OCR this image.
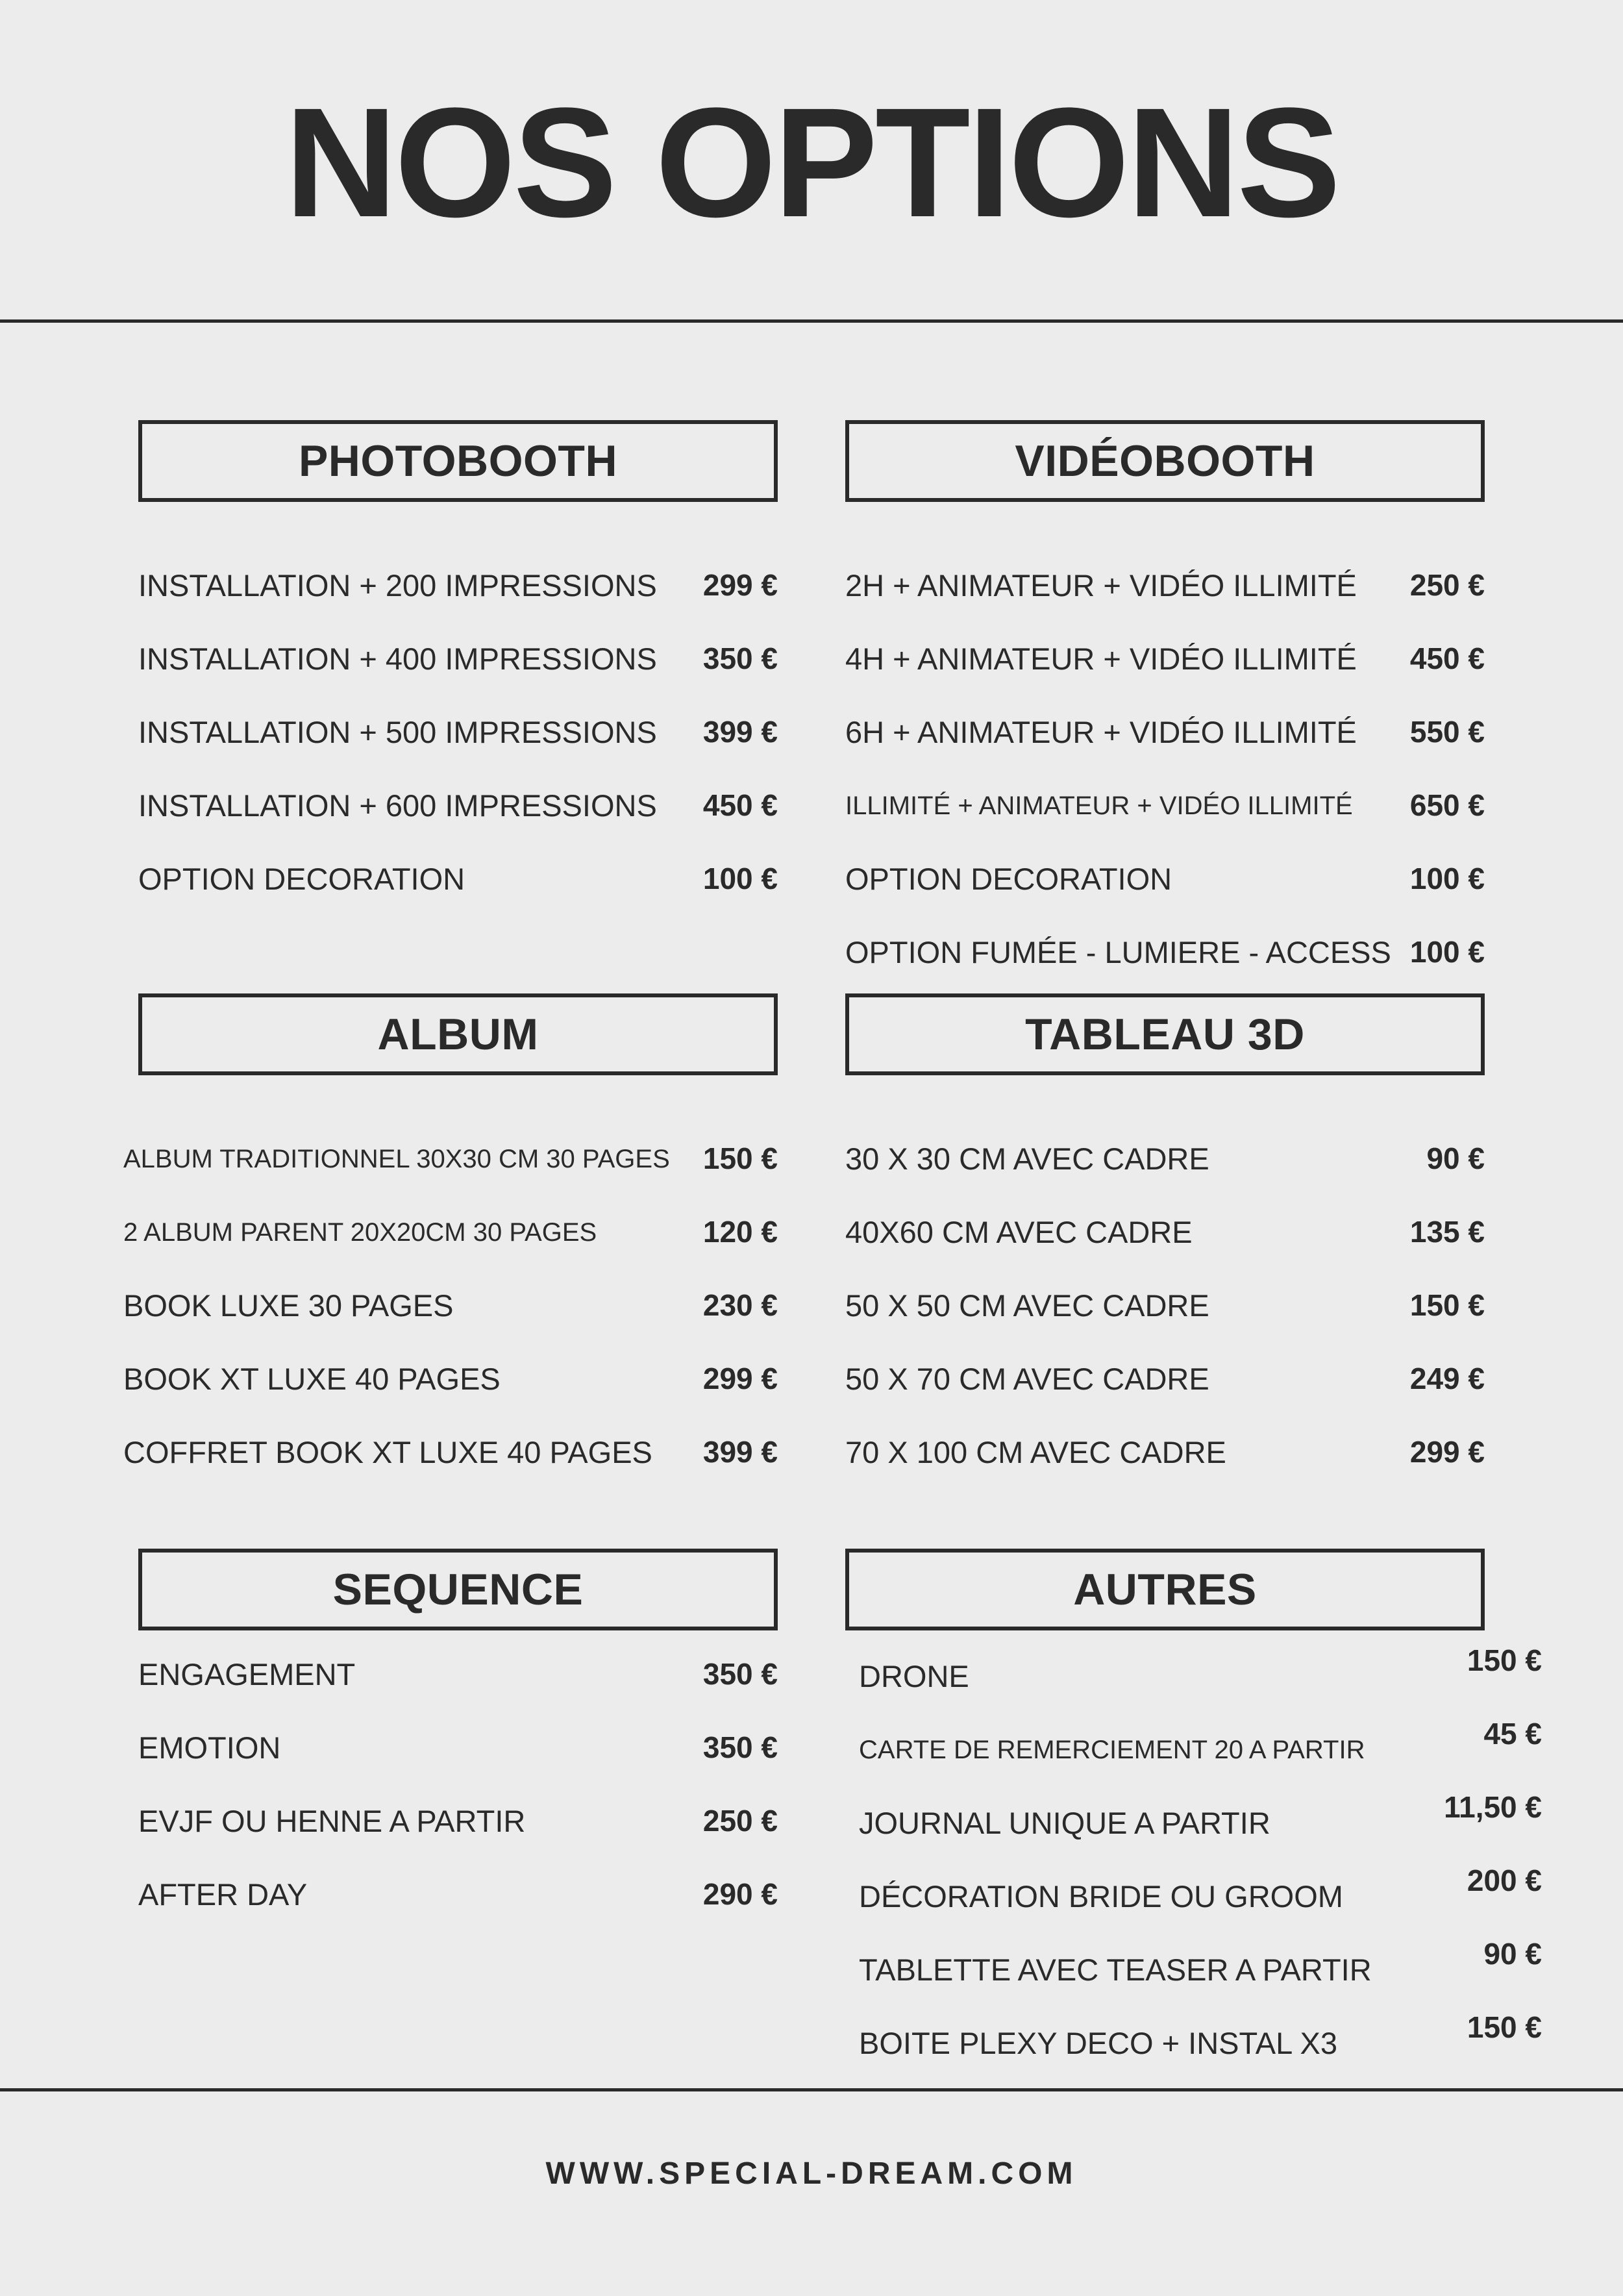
NOS OPTIONS
PHOTOBOOTH
INSTALLATION + 200 IMPRESSIONS 299 €
INSTALLATION + 400 IMPRESSIONS 350 €
INSTALLATION + 500 IMPRESSIONS 399 €
INSTALLATION + 600 IMPRESSIONS 450 €
OPTION DECORATION	100 €
VIDÉOBOOTH
2H + ANIMATEUR + VIDÉO ILLIMITÉ 250 €
4H + ANIMATEUR + VIDÉO ILLIMITÉ 450 €
6H + ANIMATEUR + VIDÉO ILLIMITÉ 550 €
ILLIMITÉ + ANIMATEUR + VIDÉO ILLIMITÉ 650 €
OPTION DECORATION	100 €
OPTION FUMÉE - LUMIERE - ACCESS 100 €
ALBUM
ALBUM TRADITIONNEL 30X30 CM 30 PAGES 150 €
2 ALBUM PARENT 20X20CM 30 PAGES	120 €
BOOK LUXE 30 PAGES	230 €
BOOK XT LUXE 40 PAGES	299 €
COFFRET BOOK XT LUXE 40 PAGES 399 €
TABLEAU 3D
30 X 30 CM AVEC CADRE	90 €
40X60 CM AVEC CADRE	135 €
50 X 50 CM AVEC CADRE	150 €
50 X 70 CM AVEC CADRE	249 €
70 X 100 CM AVEC CADRE	299 €
SEQUENCE
ENGAGEMENT	350 €
EMOTION	350 €
EVJF OU HENNE A PARTIR	250 €
AFTER DAY	290 €
AUTRES
DRONE	150 €
CARTE DE REMERCIEMENT 20 A PARTIR	45 €
JOURNAL UNIQUE A PARTIR	11,50 €
DÉCORATION BRIDE OU GROOM	200 €
TABLETTE AVEC TEASER A PARTIR	90 €
BOITE PLEXY DECO + INSTAL X3	150 €
WWW.SPECIAL-DREAM.COM
